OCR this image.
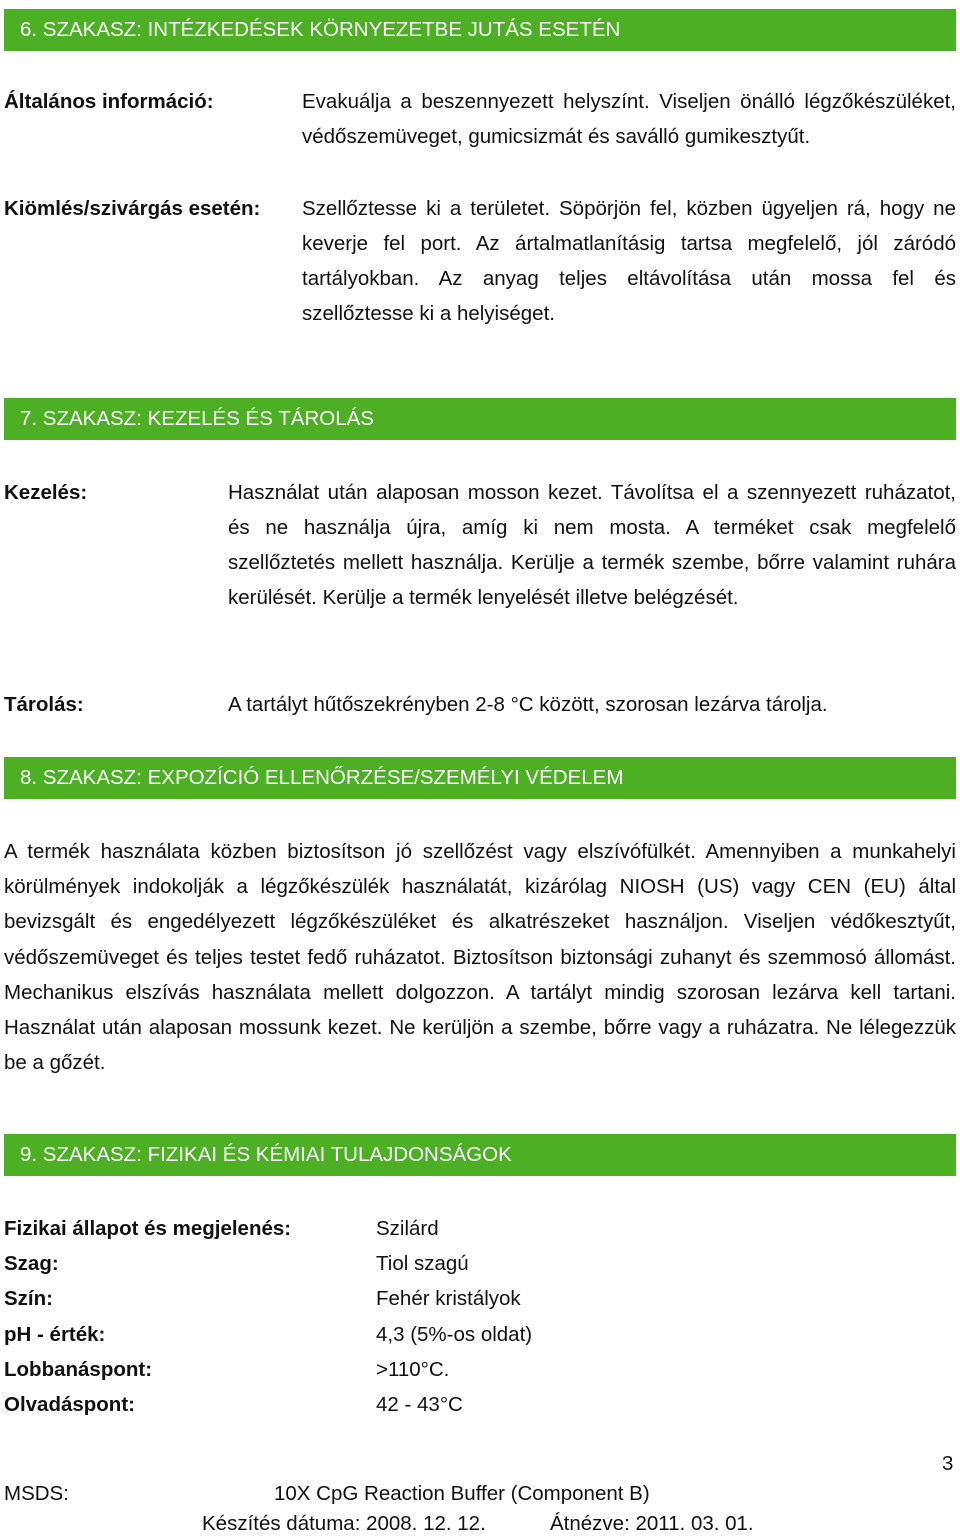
6. SZAKASZ: INTÉZKEDÉSEK KÖRNYEZETBE JUTÁS ESETÉN
Általános információ:	Evakuálja a beszennyezett helyszínt. Viseljen önálló légzőkészüléket, védőszemüveget, gumicsizmát és saválló gumikesztyűt.
Kiömlés/szivárgás esetén: Szellőztesse ki a területet. Söpörjön fel, közben ügyeljen rá, hogy ne keverje fel port. Az ártalmatlanításig tartsa megfelelő, jól záródó tartályokban. Az anyag teljes eltávolítása után mossa fel és szellőztesse ki a helyiséget.
7. SZAKASZ: KEZELÉS ÉS TÁROLÁS
Kezelés:	Használat után alaposan mosson kezet. Távolítsa el a szennyezett ruházatot, és ne használja újra, amíg ki nem mosta. A terméket csak megfelelő szellőztetés mellett használja. Kerülje a termék szembe, bőrre valamint ruhára kerülését. Kerülje a termék lenyelését illetve belégzését.
Tárolás:	A tartályt hűtőszekrényben 2-8 °C között, szorosan lezárva tárolja.
8. SZAKASZ: EXPOZÍCIÓ ELLENŐRZÉSE/SZEMÉLYI VÉDELEM
A termék használata közben biztosítson jó szellőzést vagy elszívófülkét. Amennyiben a munkahelyi körülmények indokolják a légzőkészülék használatát, kizárólag NIOSH (US) vagy CEN (EU) által bevizsgált és engedélyezett légzőkészüléket és alkatrészeket használjon. Viseljen védőkesztyűt, védőszemüveget és teljes testet fedő ruházatot. Biztosítson biztonsági zuhanyt és szemmosó állomást. Mechanikus elszívás használata mellett dolgozzon. A tartályt mindig szorosan lezárva kell tartani. Használat után alaposan mossunk kezet. Ne kerüljön a szembe, bőrre vagy a ruházatra. Ne lélegezzük be a gőzét.
9. SZAKASZ: FIZIKAI ÉS KÉMIAI TULAJDONSÁGOK
Fizikai állapot és megjelenés:	Szilárd
Szag:	Tiol szagú
Szín:	Fehér kristályok
pH - érték:	4,3 (5%-os oldat)
Lobbanáspont:	>110°C.
Olvadáspont:	42 - 43°C
3
MSDS:	10X CpG Reaction Buffer (Component B)
Készítés dátuma: 2008. 12. 12.	Átnézve: 2011. 03. 01.
